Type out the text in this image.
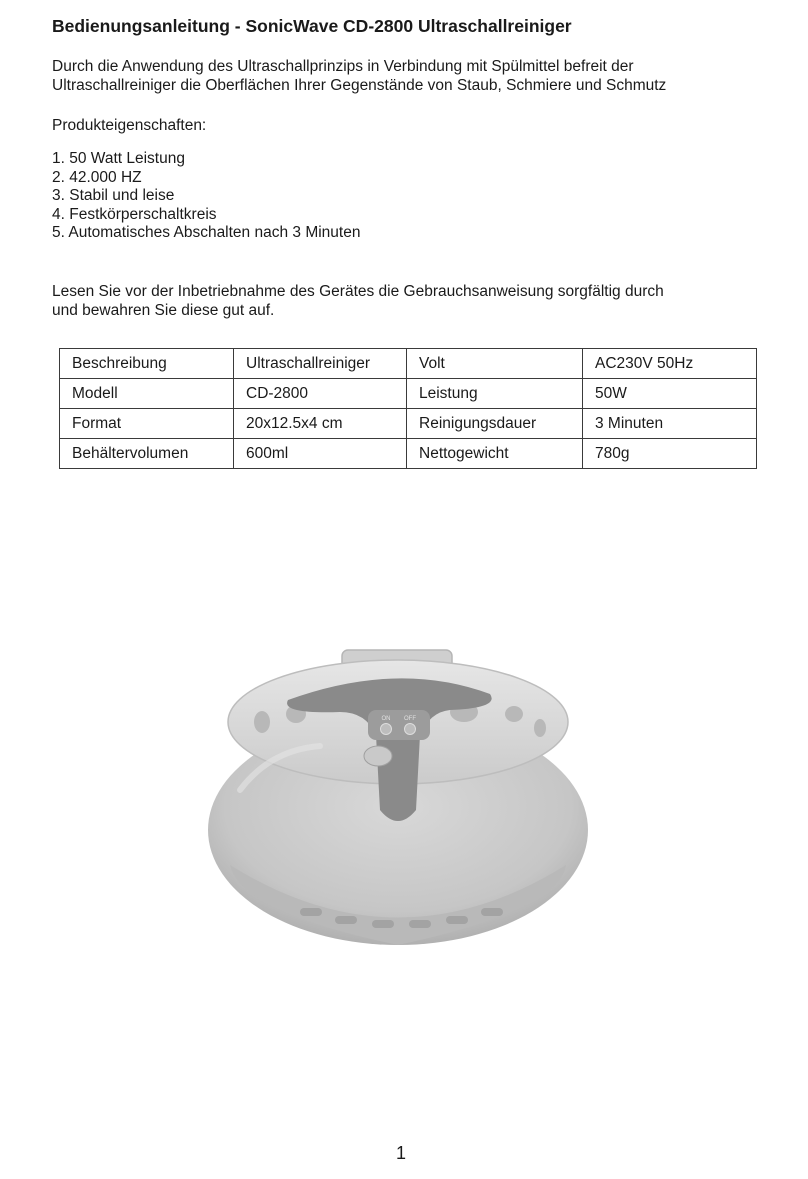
Bedienungsanleitung - SonicWave CD-2800 Ultraschallreiniger

Durch die Anwendung des Ultraschallprinzips in Verbindung mit Spülmittel befreit der
Ultraschallreiniger die Oberflächen Ihrer Gegenstände von Staub, Schmiere und Schmutz

Produkteigenschaften:

1. 50 Watt Leistung
2. 42.000 HZ
3. Stabil und leise
4. Festkörperschaltkreis
5. Automatisches Abschalten nach 3 Minuten

Lesen Sie vor der Inbetriebnahme des Gerätes die Gebrauchsanweisung sorgfältig durch
und bewahren Sie diese gut auf.

Beschreibung	Ultraschallreiniger	Volt	AC230V 50Hz
Modell	CD-2800	Leistung	50W
Format	20x12.5x4 cm	Reinigungsdauer	3 Minuten
Behältervolumen	600ml	Nettogewicht	780g
ON OFF

1
